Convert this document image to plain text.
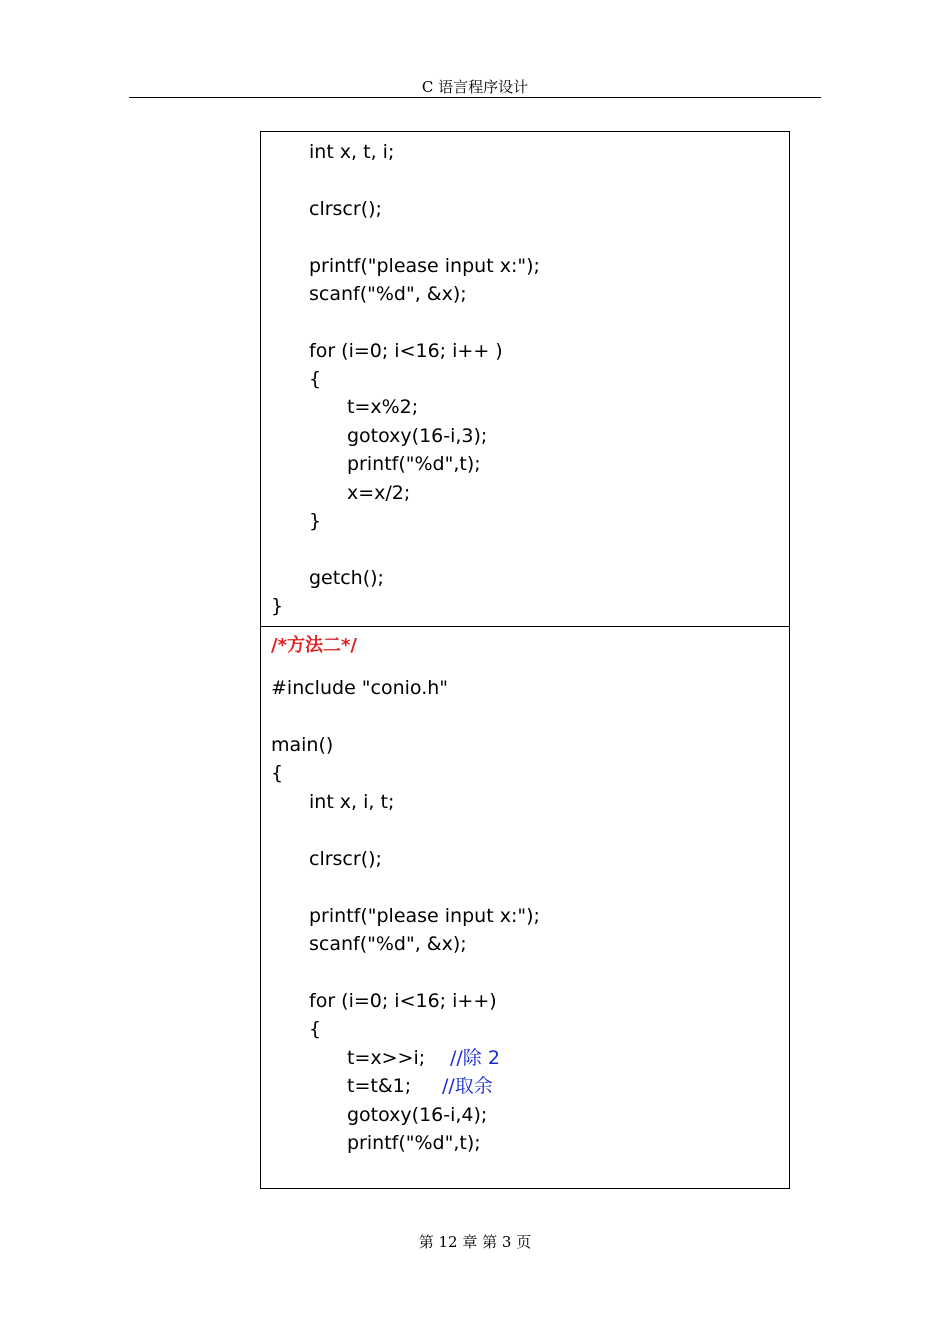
C 语言程序设计
int x, t, i;
clrscr();
printf("please input x:");
scanf("%d", &x);
for (i=0; i<16; i++ )
{
t=x%2;
gotoxy(16-i,3);
printf("%d",t);
x=x/2;
}
getch();
}
/*方法二*/
#include "conio.h"
main()
{
int x, i, t;
clrscr();
printf("please input x:");
scanf("%d", &x);
for (i=0; i<16; i++)
{
t=x>>i; //除 2
t=t&1; //取余
gotoxy(16-i,4);
printf("%d",t);
第 12 章 第 3 页
